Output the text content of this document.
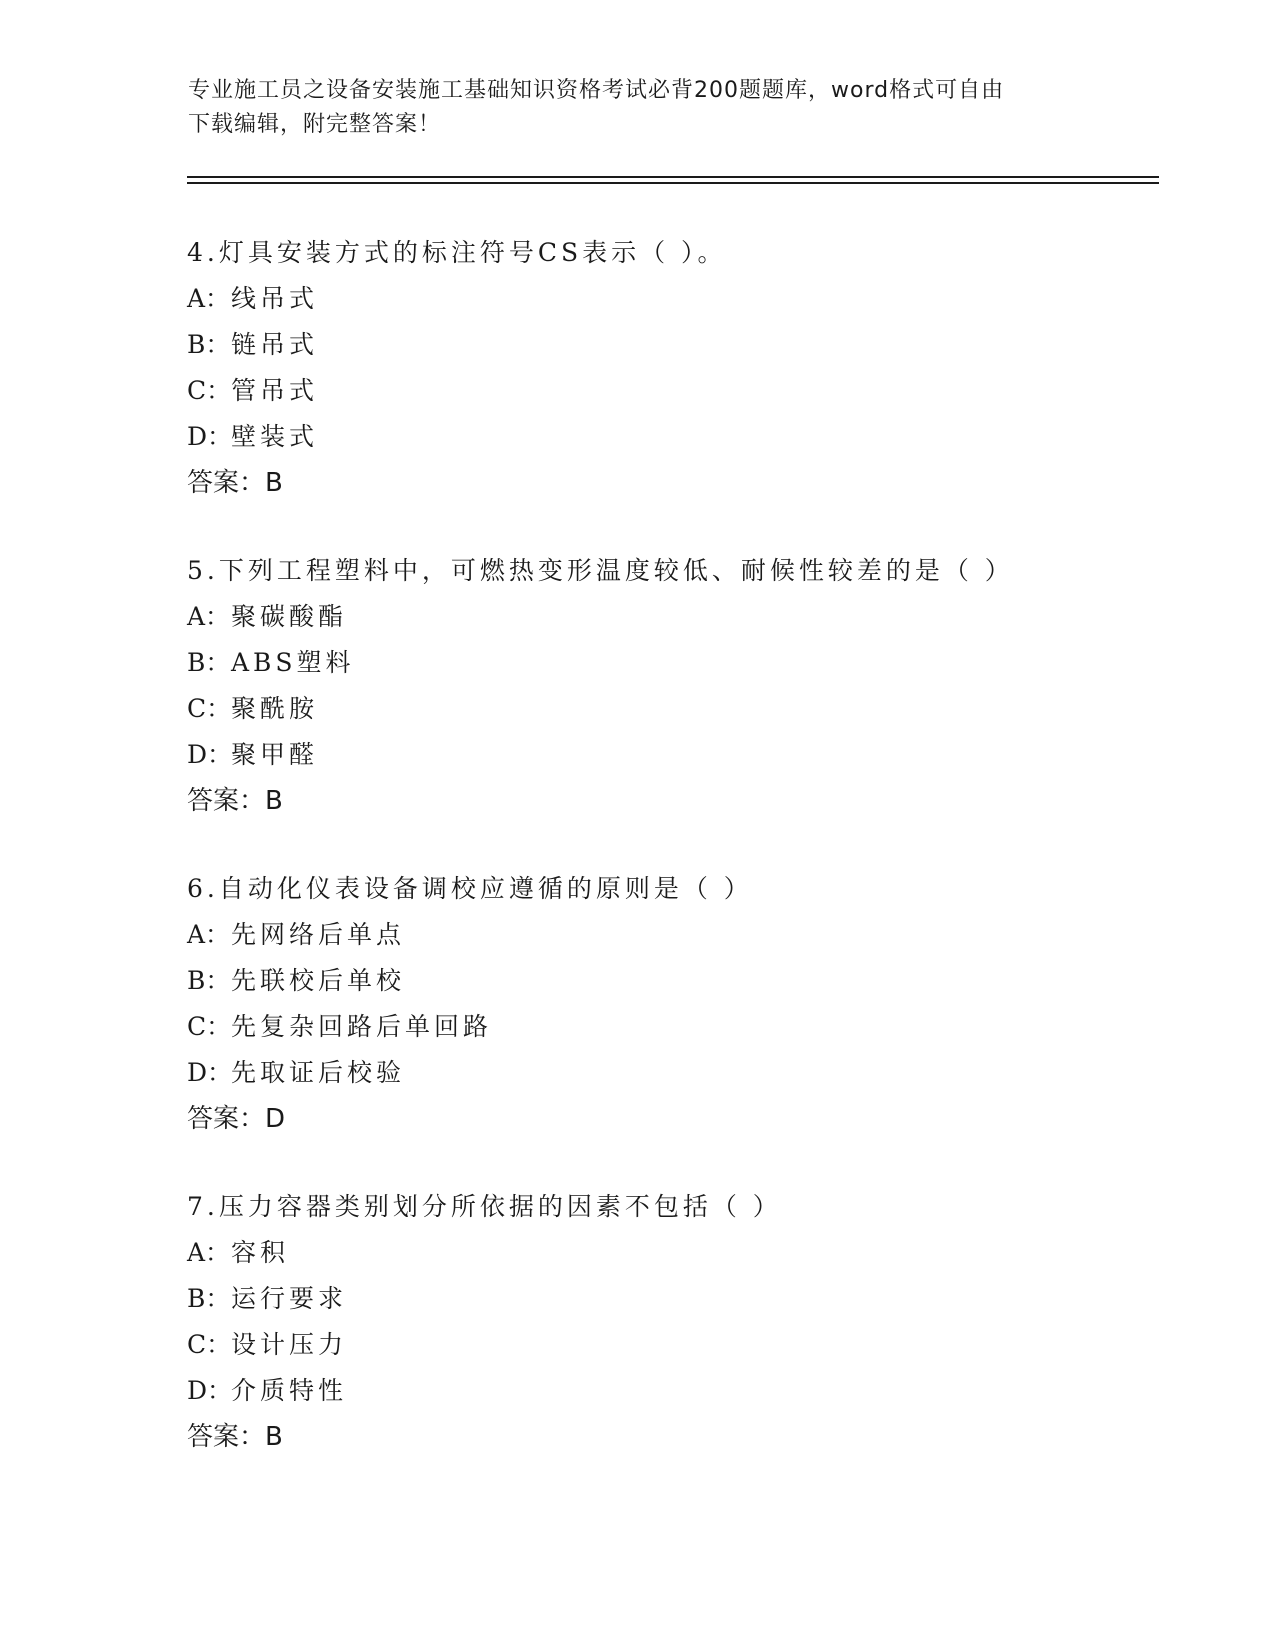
专业施工员之设备安装施工基础知识资格考试必背200题题库，word格式可自由
下载编辑，附完整答案！
4.灯具安装方式的标注符号CS表示（ ）。
A：线吊式
B：链吊式
C：管吊式
D：壁装式
答案：B
5.下列工程塑料中，可燃热变形温度较低、耐候性较差的是（ ）
A：聚碳酸酯
B：ABS塑料
C：聚酰胺
D：聚甲醛
答案：B
6.自动化仪表设备调校应遵循的原则是（ ）
A：先网络后单点
B：先联校后单校
C：先复杂回路后单回路
D：先取证后校验
答案：D
7.压力容器类别划分所依据的因素不包括（ ）
A：容积
B：运行要求
C：设计压力
D：介质特性
答案：B
